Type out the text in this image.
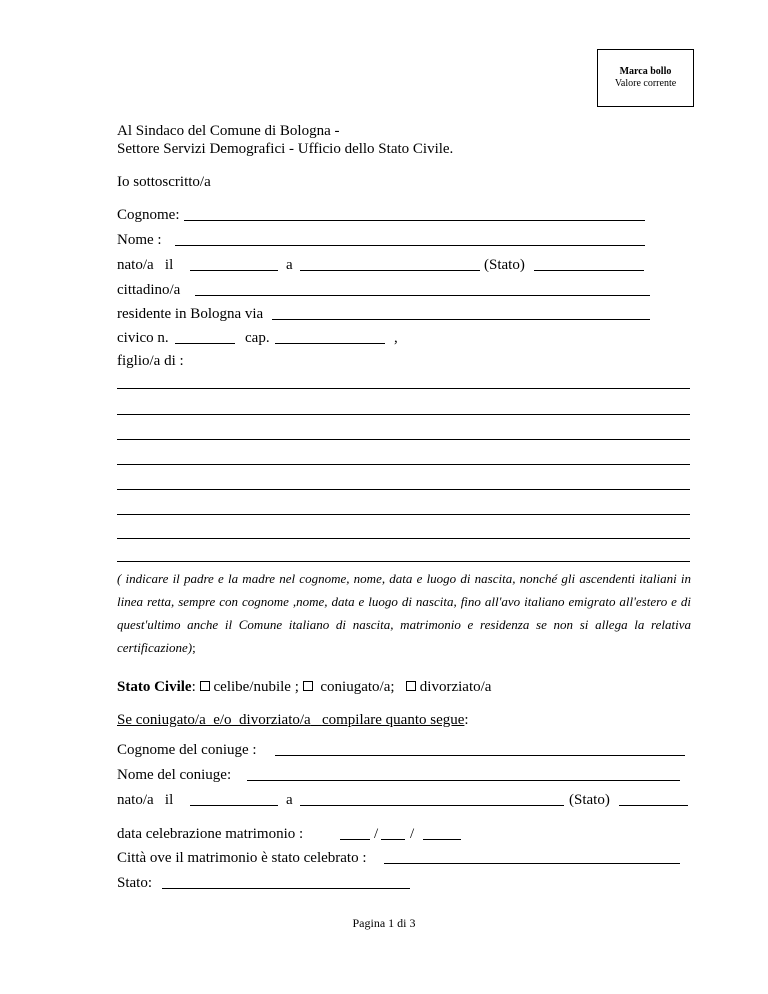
Marca bollo
Valore corrente
Al Sindaco del Comune di Bologna -
Settore Servizi Demografici - Ufficio dello Stato Civile.
Io sottoscritto/a
Cognome:
Nome :
nato/a   il	a	(Stato)
cittadino/a
residente in Bologna via
civico n.	cap.	,
figlio/a di :
( indicare il padre e la madre nel cognome, nome, data e luogo di nascita, nonché gli ascendenti italiani in linea retta, sempre con cognome ,nome, data e luogo di nascita, fino all'avo italiano emigrato all'estero e di quest'ultimo anche il Comune italiano di nascita, matrimonio e residenza se non si allega la relativa certificazione);
Stato Civile: celibe/nubile ; coniugato/a; divorziato/a
Se coniugato/a  e/o  divorziato/a compilare quanto segue:
Cognome del coniuge :
Nome del coniuge:
nato/a   il	a	(Stato)
data celebrazione matrimonio :	/ /
Città ove il matrimonio è stato celebrato :
Stato:
Pagina 1 di 3
